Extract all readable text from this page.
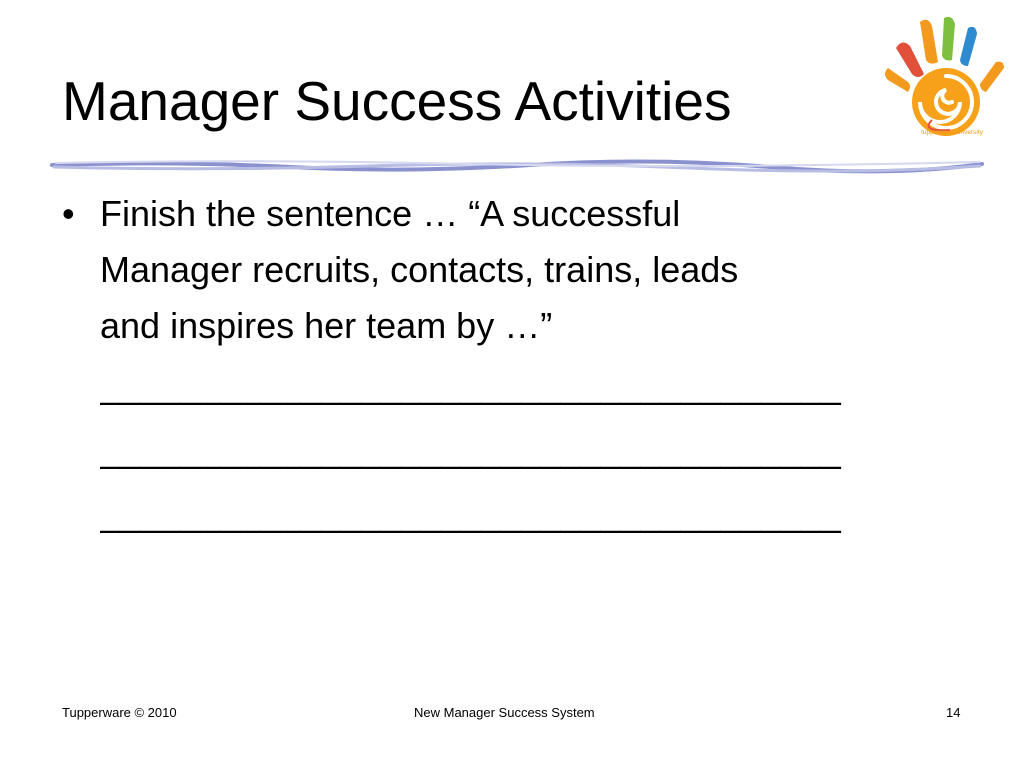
Manager Success Activities
tupperware university
• Finish the sentence … “A successful
Manager recruits, contacts, trains, leads
and inspires her team by …”
_____________________________________
_____________________________________
_____________________________________
Tupperware © 2010	New Manager Success System	14
